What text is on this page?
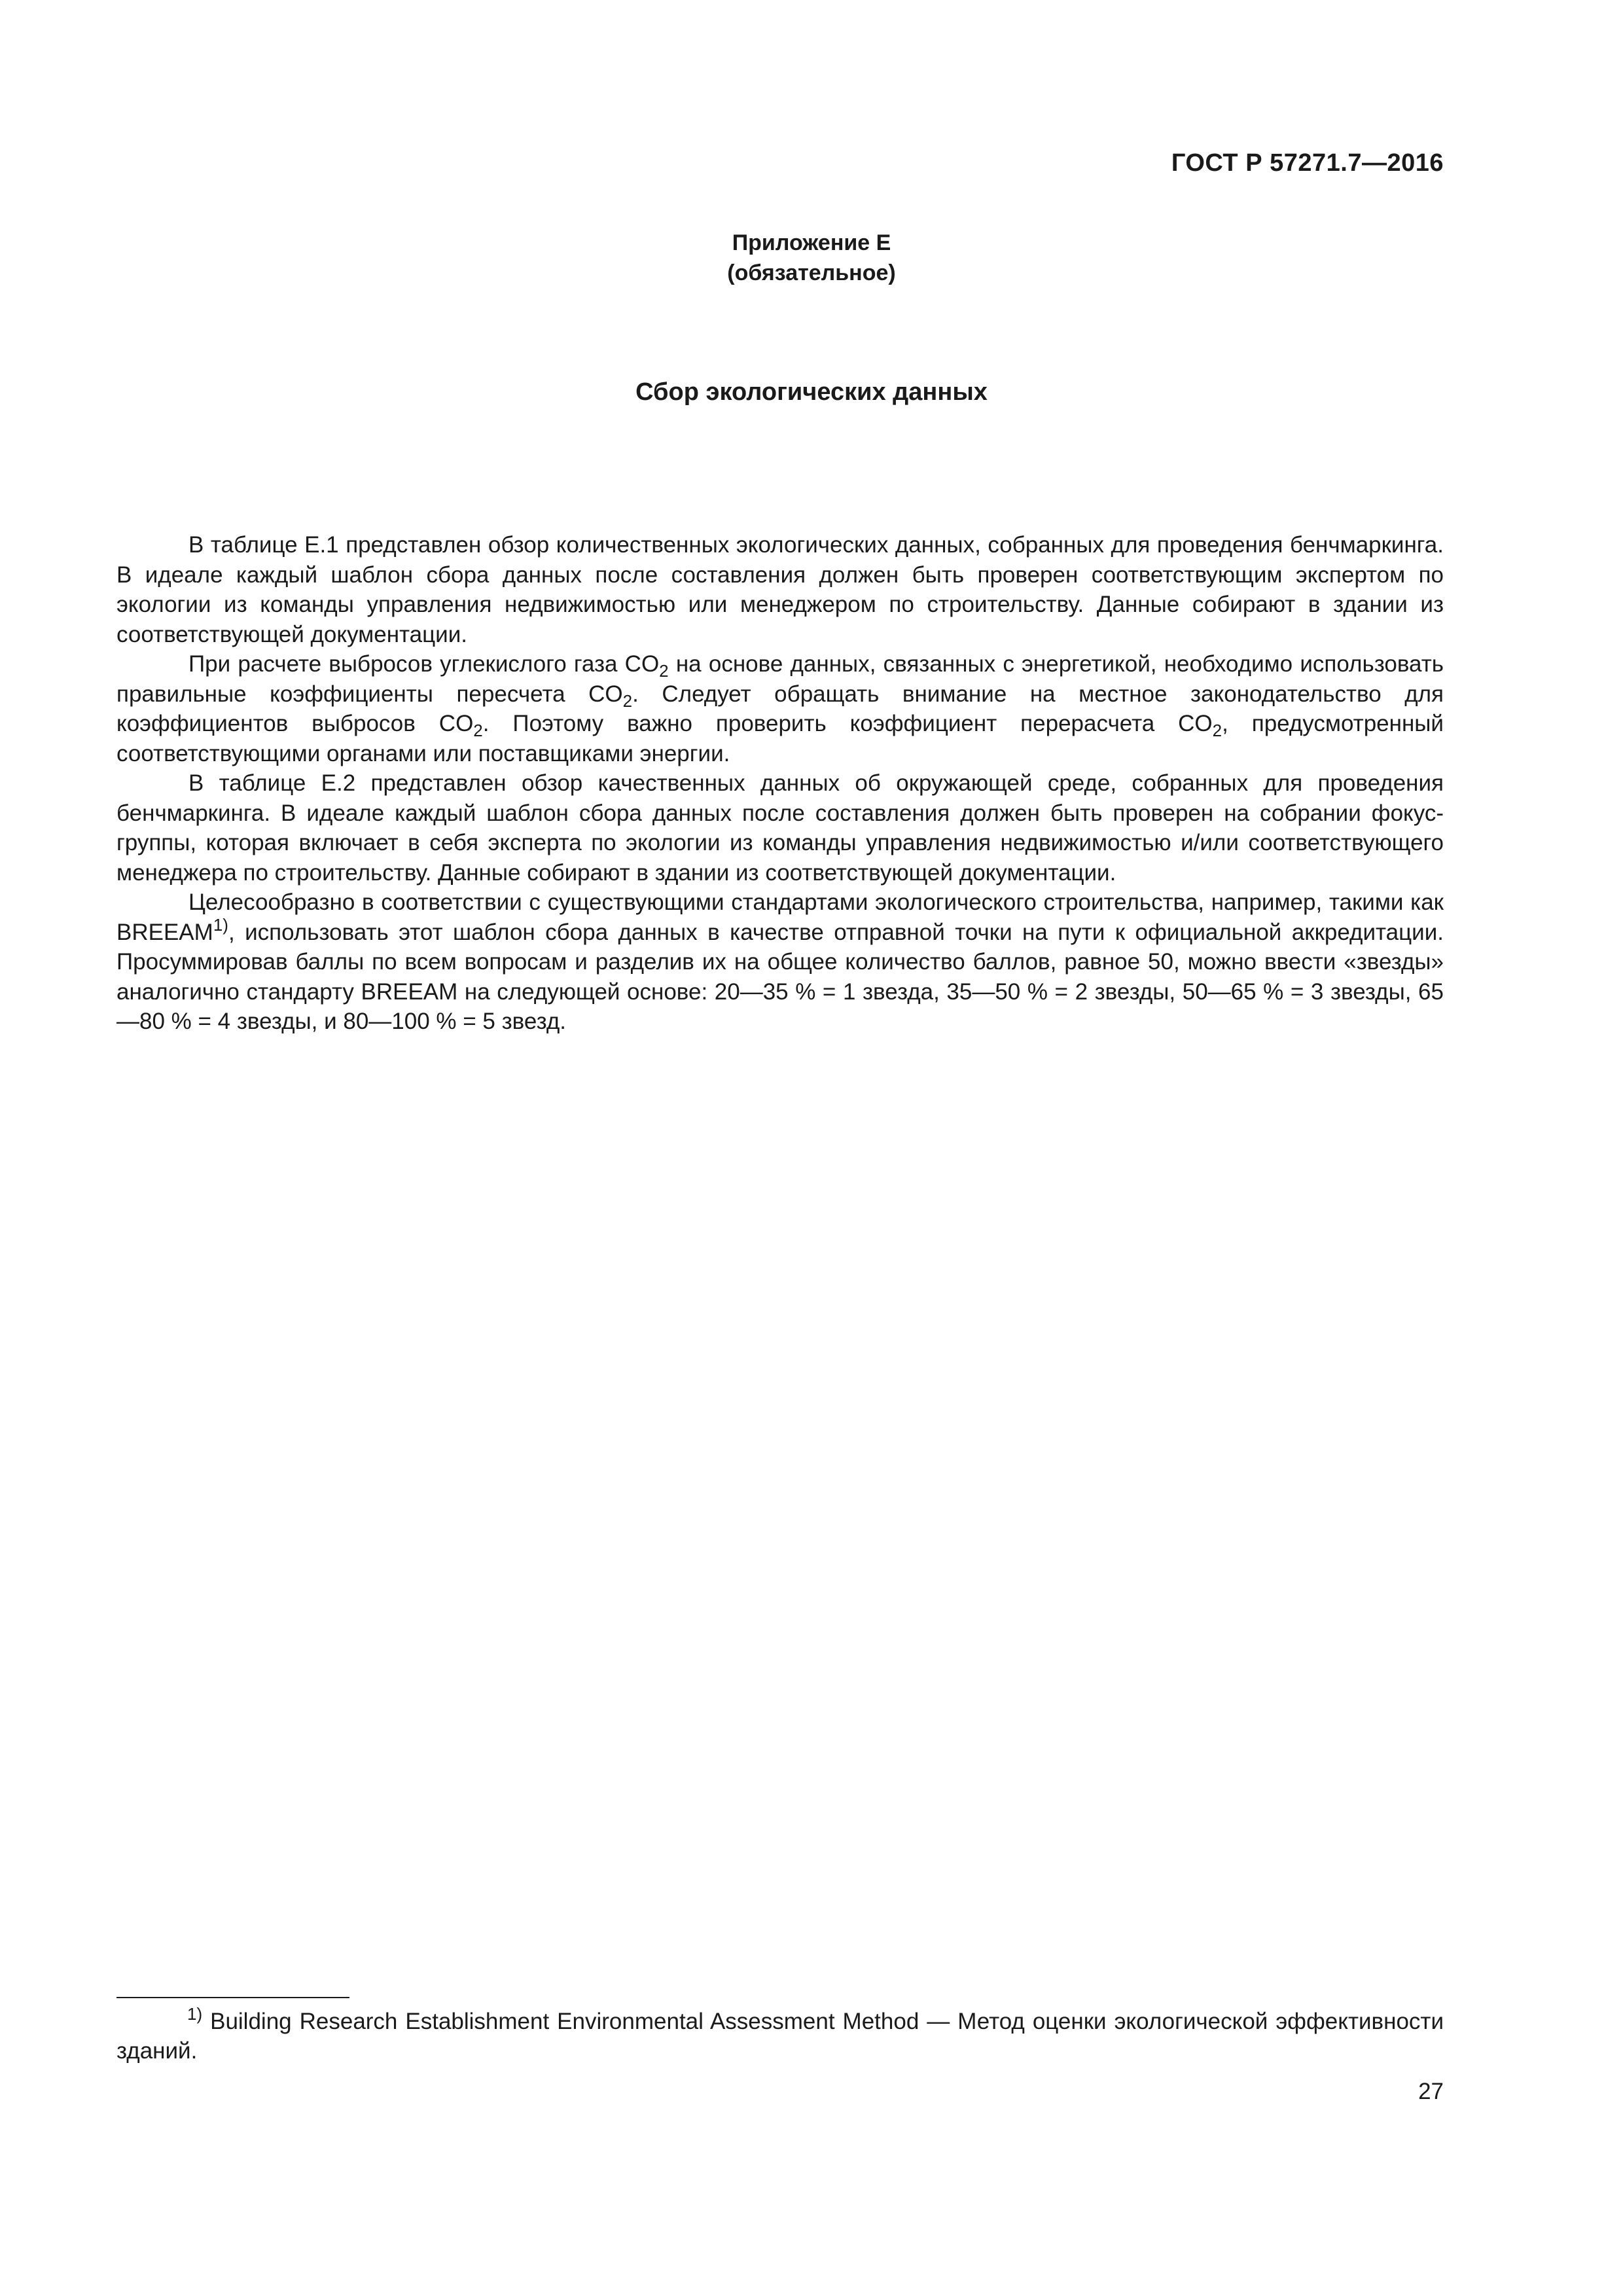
ГОСТ Р 57271.7—2016
Приложение Е
(обязательное)
Сбор экологических данных

В таблице Е.1 представлен обзор количественных экологических данных, собранных для проведения бенчмаркинга. В идеале каждый шаблон сбора данных после составления должен быть проверен соответствующим экспертом по экологии из команды управления недвижимостью или менеджером по строительству. Данные собирают в здании из соответствующей документации.

При расчете выбросов углекислого газа $CO_2$ на основе данных, связанных с энергетикой, необходимо использовать правильные коэффициенты пересчета $CO_2$. Следует обращать внимание на местное законодательство для коэффициентов выбросов $CO_2$. Поэтому важно проверить коэффициент перерасчета $CO_2$, предусмотренный соответствующими органами или поставщиками энергии.

В таблице Е.2 представлен обзор качественных данных об окружающей среде, собранных для проведения бенчмаркинга. В идеале каждый шаблон сбора данных после составления должен быть проверен на собрании фокус-группы, которая включает в себя эксперта по экологии из команды управления недвижимостью и/или соответствующего менеджера по строительству. Данные собирают в здании из соответствующей документации.

Целесообразно в соответствии с существующими стандартами экологического строительства, например, такими как BREEAM$^{1)}$, использовать этот шаблон сбора данных в качестве отправной точки на пути к официальной аккредитации. Просуммировав баллы по всем вопросам и разделив их на общее количество баллов, равное 50, можно ввести «звезды» аналогично стандарту BREEAM на следующей основе: 20—35 % = 1 звезда, 35—50 % = 2 звезды, 50—65 % = 3 звезды, 65—80 % = 4 звезды, и 80—100 % = 5 звезд.

$^{1)}$ Building Research Establishment Environmental Assessment Method — Метод оценки экологической эффективности зданий.

27
